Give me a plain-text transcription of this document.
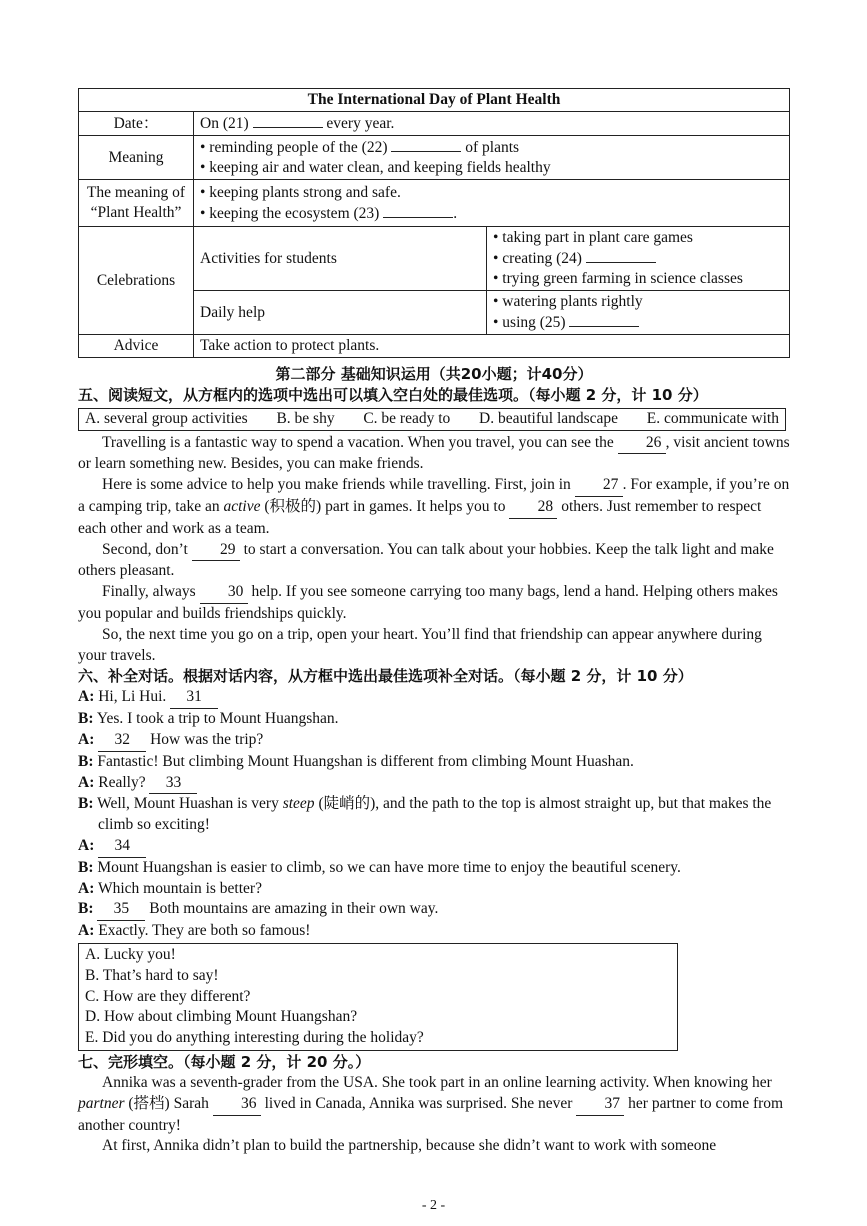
The International Day of Plant Health		
Date：	On (21) every year.	
Meaning	• reminding people of the (22) of plants
• keeping air and water clean, and keeping fields healthy	

The meaning of “Plant Health”	• keeping plants strong and safe.
• keeping the ecosystem (23) .	

Celebrations	Activities for students	• taking part in plant care games
• creating (24)
• trying green farming in science classes

	Daily help	• watering plants rightly
• using (25)

Advice	Take action to protect plants.	
第二部分 基础知识运用（共20小题；计40分）
五、阅读短文，从方框内的选项中选出可以填入空白处的最佳选项。（每小题 2 分，计 10 分）
A. several group activities B. be shy C. be ready to D. beautiful landscape E. communicate with

Travelling is a fantastic way to spend a vacation. When you travel, you can see the 26 , visit ancient towns or learn something new. Besides, you can make friends.

Here is some advice to help you make friends while travelling. First, join in 27 . For example, if you’re on a camping trip, take an active (积极的) part in games. It helps you to 28 others. Just remember to respect each other and work as a team.

Second, don’t 29 to start a conversation. You can talk about your hobbies. Keep the talk light and make others pleasant.

Finally, always 30 help. If you see someone carrying too many bags, lend a hand. Helping others makes you popular and builds friendships quickly.

So, the next time you go on a trip, open your heart. You’ll find that friendship can appear anywhere during your travels.

六、补全对话。根据对话内容，从方框中选出最佳选项补全对话。（每小题 2 分，计 10 分）

A: Hi, Li Hui. 31

B: Yes. I took a trip to Mount Huangshan.

A: 32 How was the trip?

B: Fantastic! But climbing Mount Huangshan is different from climbing Mount Huashan.

A: Really? 33

B: Well, Mount Huashan is very steep (陡峭的), and the path to the top is almost straight up, but that makes the climb so exciting!

A: 34

B: Mount Huangshan is easier to climb, so we can have more time to enjoy the beautiful scenery.

A: Which mountain is better?

B: 35 Both mountains are amazing in their own way.

A: Exactly. They are both so famous!

A. Lucky you!
B. That’s hard to say!
C. How are they different?
D. How about climbing Mount Huangshan?
E. Did you do anything interesting during the holiday?
七、完形填空。（每小题 2 分，计 20 分。）

Annika was a seventh-grader from the USA. She took part in an online learning activity. When knowing her partner (搭档) Sarah 36 lived in Canada, Annika was surprised. She never 37 her partner to come from another country!

At first, Annika didn’t plan to build the partnership, because she didn’t want to work with someone

- 2 -
